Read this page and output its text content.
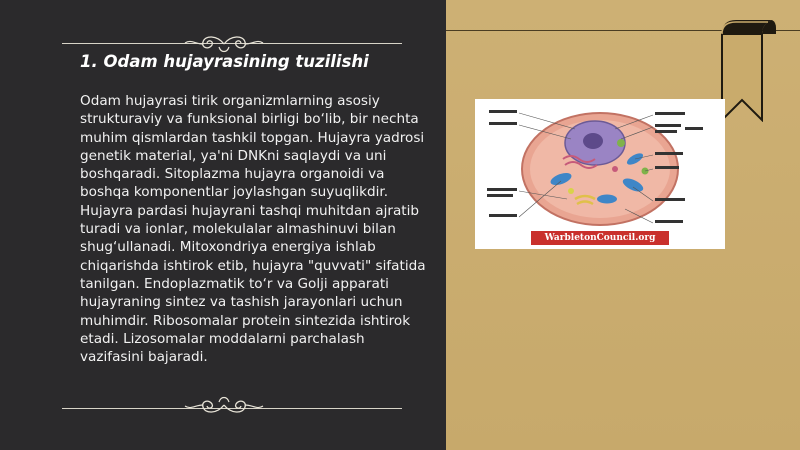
1. Odam hujayrasining tuzilishi

Odam hujayrasi tirik organizmlarning asosiy strukturaviy va funksional birligi bo‘lib, bir nechta muhim qismlardan tashkil topgan. Hujayra yadrosi genetik material, ya'ni DNKni saqlaydi va uni boshqaradi. Sitoplazma hujayra organoidi va boshqa komponentlar joylashgan suyuqlikdir. Hujayra pardasi hujayrani tashqi muhitdan ajratib turadi va ionlar, molekulalar almashinuvi bilan shug‘ullanadi. Mitoxondriya energiya ishlab chiqarishda ishtirok etib, hujayra "quvvati" sifatida tanilgan. Endoplazmatik to‘r va Golji apparati hujayraning sintez va tashish jarayonlari uchun muhimdir. Ribosomalar protein sintezida ishtirok etadi. Lizosomalar moddalarni parchalash vazifasini bajaradi.

WarbletonCouncil.org
